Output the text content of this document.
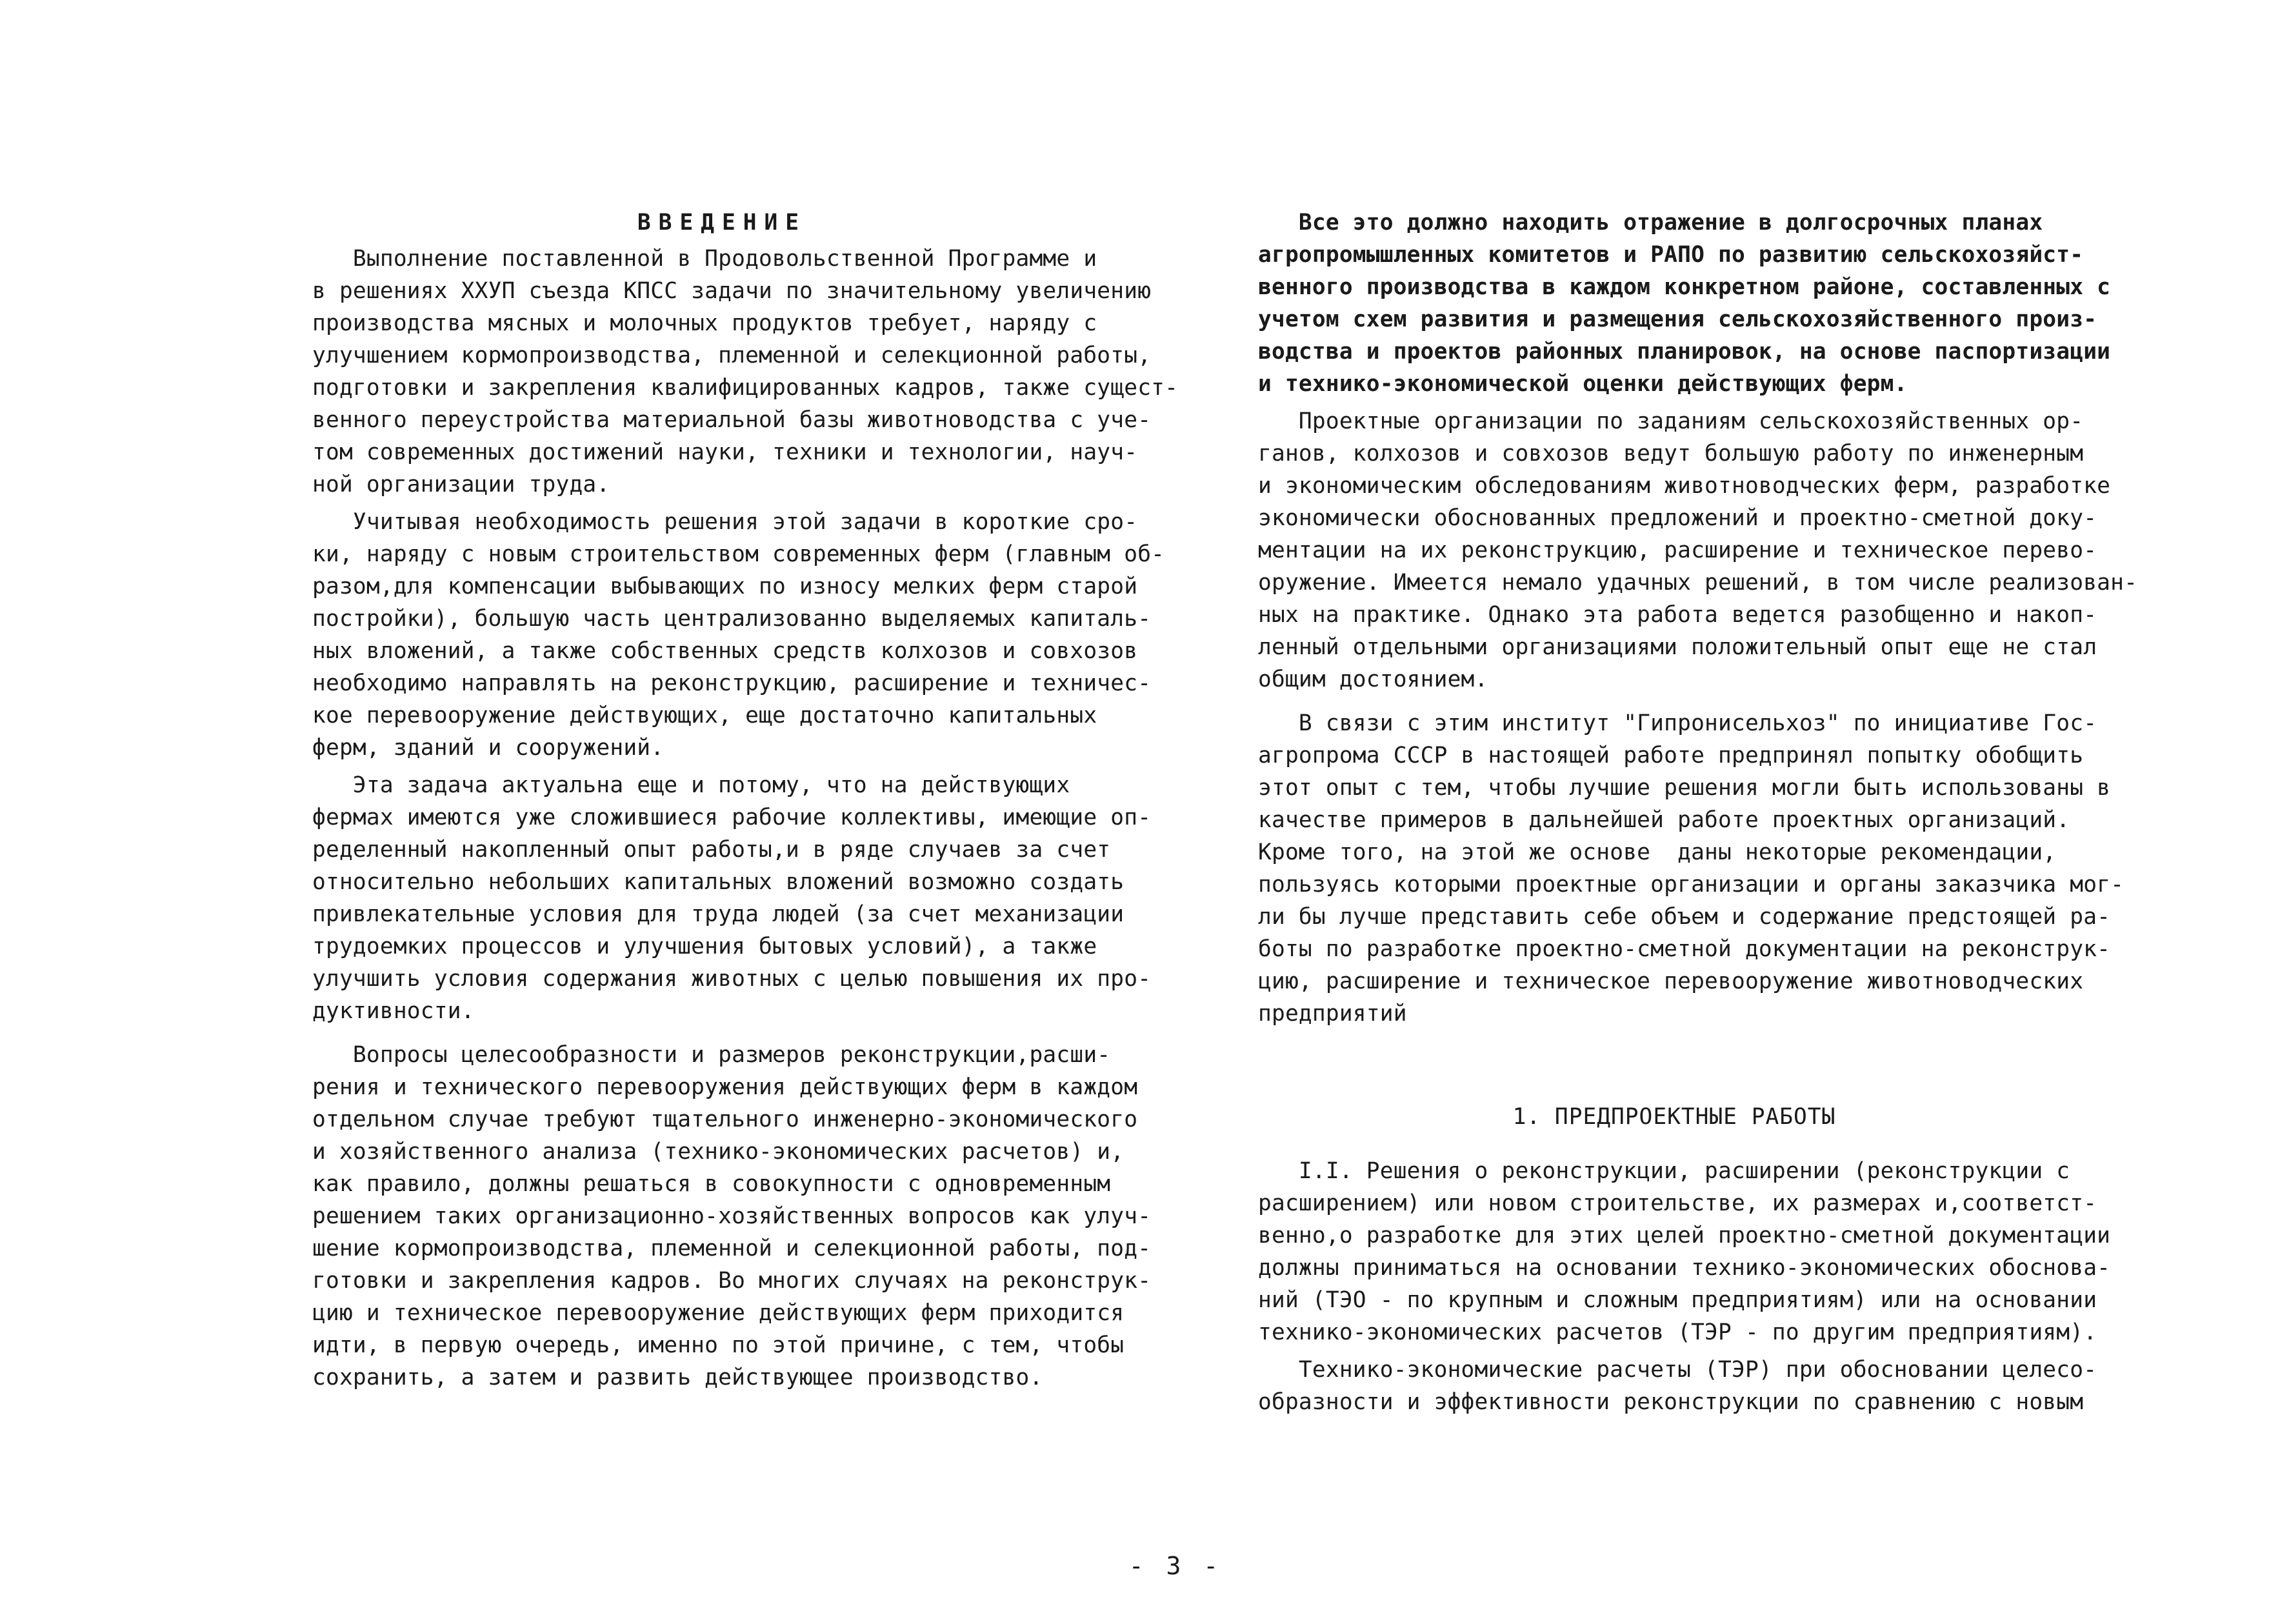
ВВЕДЕНИЕ
Выполнение поставленной в Продовольственной Программе и
в решениях ХХУП съезда КПСС задачи по значительному увеличению
производства мясных и молочных продуктов требует, наряду с
улучшением кормопроизводства, племенной и селекционной работы,
подготовки и закрепления квалифицированных кадров, также сущест-
венного переустройства материальной базы животноводства с уче-
том современных достижений науки, техники и технологии, науч-
ной организации труда.
Учитывая необходимость решения этой задачи в короткие сро-
ки, наряду с новым строительством современных ферм (главным об-
разом,для компенсации выбывающих по износу мелких ферм старой
постройки), большую часть централизованно выделяемых капиталь-
ных вложений, а также собственных средств колхозов и совхозов
необходимо направлять на реконструкцию, расширение и техничес-
кое перевооружение действующих, еще достаточно капитальных
ферм, зданий и сооружений.
Эта задача актуальна еще и потому, что на действующих
фермах имеются уже сложившиеся рабочие коллективы, имеющие оп-
ределенный накопленный опыт работы,и в ряде случаев за счет
относительно небольших капитальных вложений возможно создать
привлекательные условия для труда людей (за счет механизации
трудоемких процессов и улучшения бытовых условий), а также
улучшить условия содержания животных с целью повышения их про-
дуктивности.
Вопросы целесообразности и размеров реконструкции,расши-
рения и технического перевооружения действующих ферм в каждом
отдельном случае требуют тщательного инженерно-экономического
и хозяйственного анализа (технико-экономических расчетов) и,
как правило, должны решаться в совокупности с одновременным
решением таких организационно-хозяйственных вопросов как улуч-
шение кормопроизводства, племенной и селекционной работы, под-
готовки и закрепления кадров. Во многих случаях на реконструк-
цию и техническое перевооружение действующих ферм приходится
идти, в первую очередь, именно по этой причине, с тем, чтобы
сохранить, а затем и развить действующее производство.
Все это должно находить отражение в долгосрочных планах
агропромышленных комитетов и РАПО по развитию сельскохозяйст-
венного производства в каждом конкретном районе, составленных с
учетом схем развития и размещения сельскохозяйственного произ-
водства и проектов районных планировок, на основе паспортизации
и технико-экономической оценки действующих ферм.
Проектные организации по заданиям сельскохозяйственных ор-
ганов, колхозов и совхозов ведут большую работу по инженерным
и экономическим обследованиям животноводческих ферм, разработке
экономически обоснованных предложений и проектно-сметной доку-
ментации на их реконструкцию, расширение и техническое перево-
оружение. Имеется немало удачных решений, в том числе реализован-
ных на практике. Однако эта работа ведется разобщенно и накоп-
ленный отдельными организациями положительный опыт еще не стал
общим достоянием.
В связи с этим институт "Гипронисельхоз" по инициативе Гос-
агропрома СССР в настоящей работе предпринял попытку обобщить
этот опыт с тем, чтобы лучшие решения могли быть использованы в
качестве примеров в дальнейшей работе проектных организаций.
Кроме того, на этой же основе  даны некоторые рекомендации,
пользуясь которыми проектные организации и органы заказчика мог-
ли бы лучше представить себе объем и содержание предстоящей ра-
боты по разработке проектно-сметной документации на реконструк-
цию, расширение и техническое перевооружение животноводческих
предприятий
1. ПРЕДПРОЕКТНЫЕ РАБОТЫ
I.I. Решения о реконструкции, расширении (реконструкции с
расширением) или новом строительстве, их размерах и,соответст-
венно,о разработке для этих целей проектно-сметной документации
должны приниматься на основании технико-экономических обоснова-
ний (ТЭО - по крупным и сложным предприятиям) или на основании
технико-экономических расчетов (ТЭР - по другим предприятиям).
Технико-экономические расчеты (ТЭР) при обосновании целесо-
образности и эффективности реконструкции по сравнению с новым
- 3 -
